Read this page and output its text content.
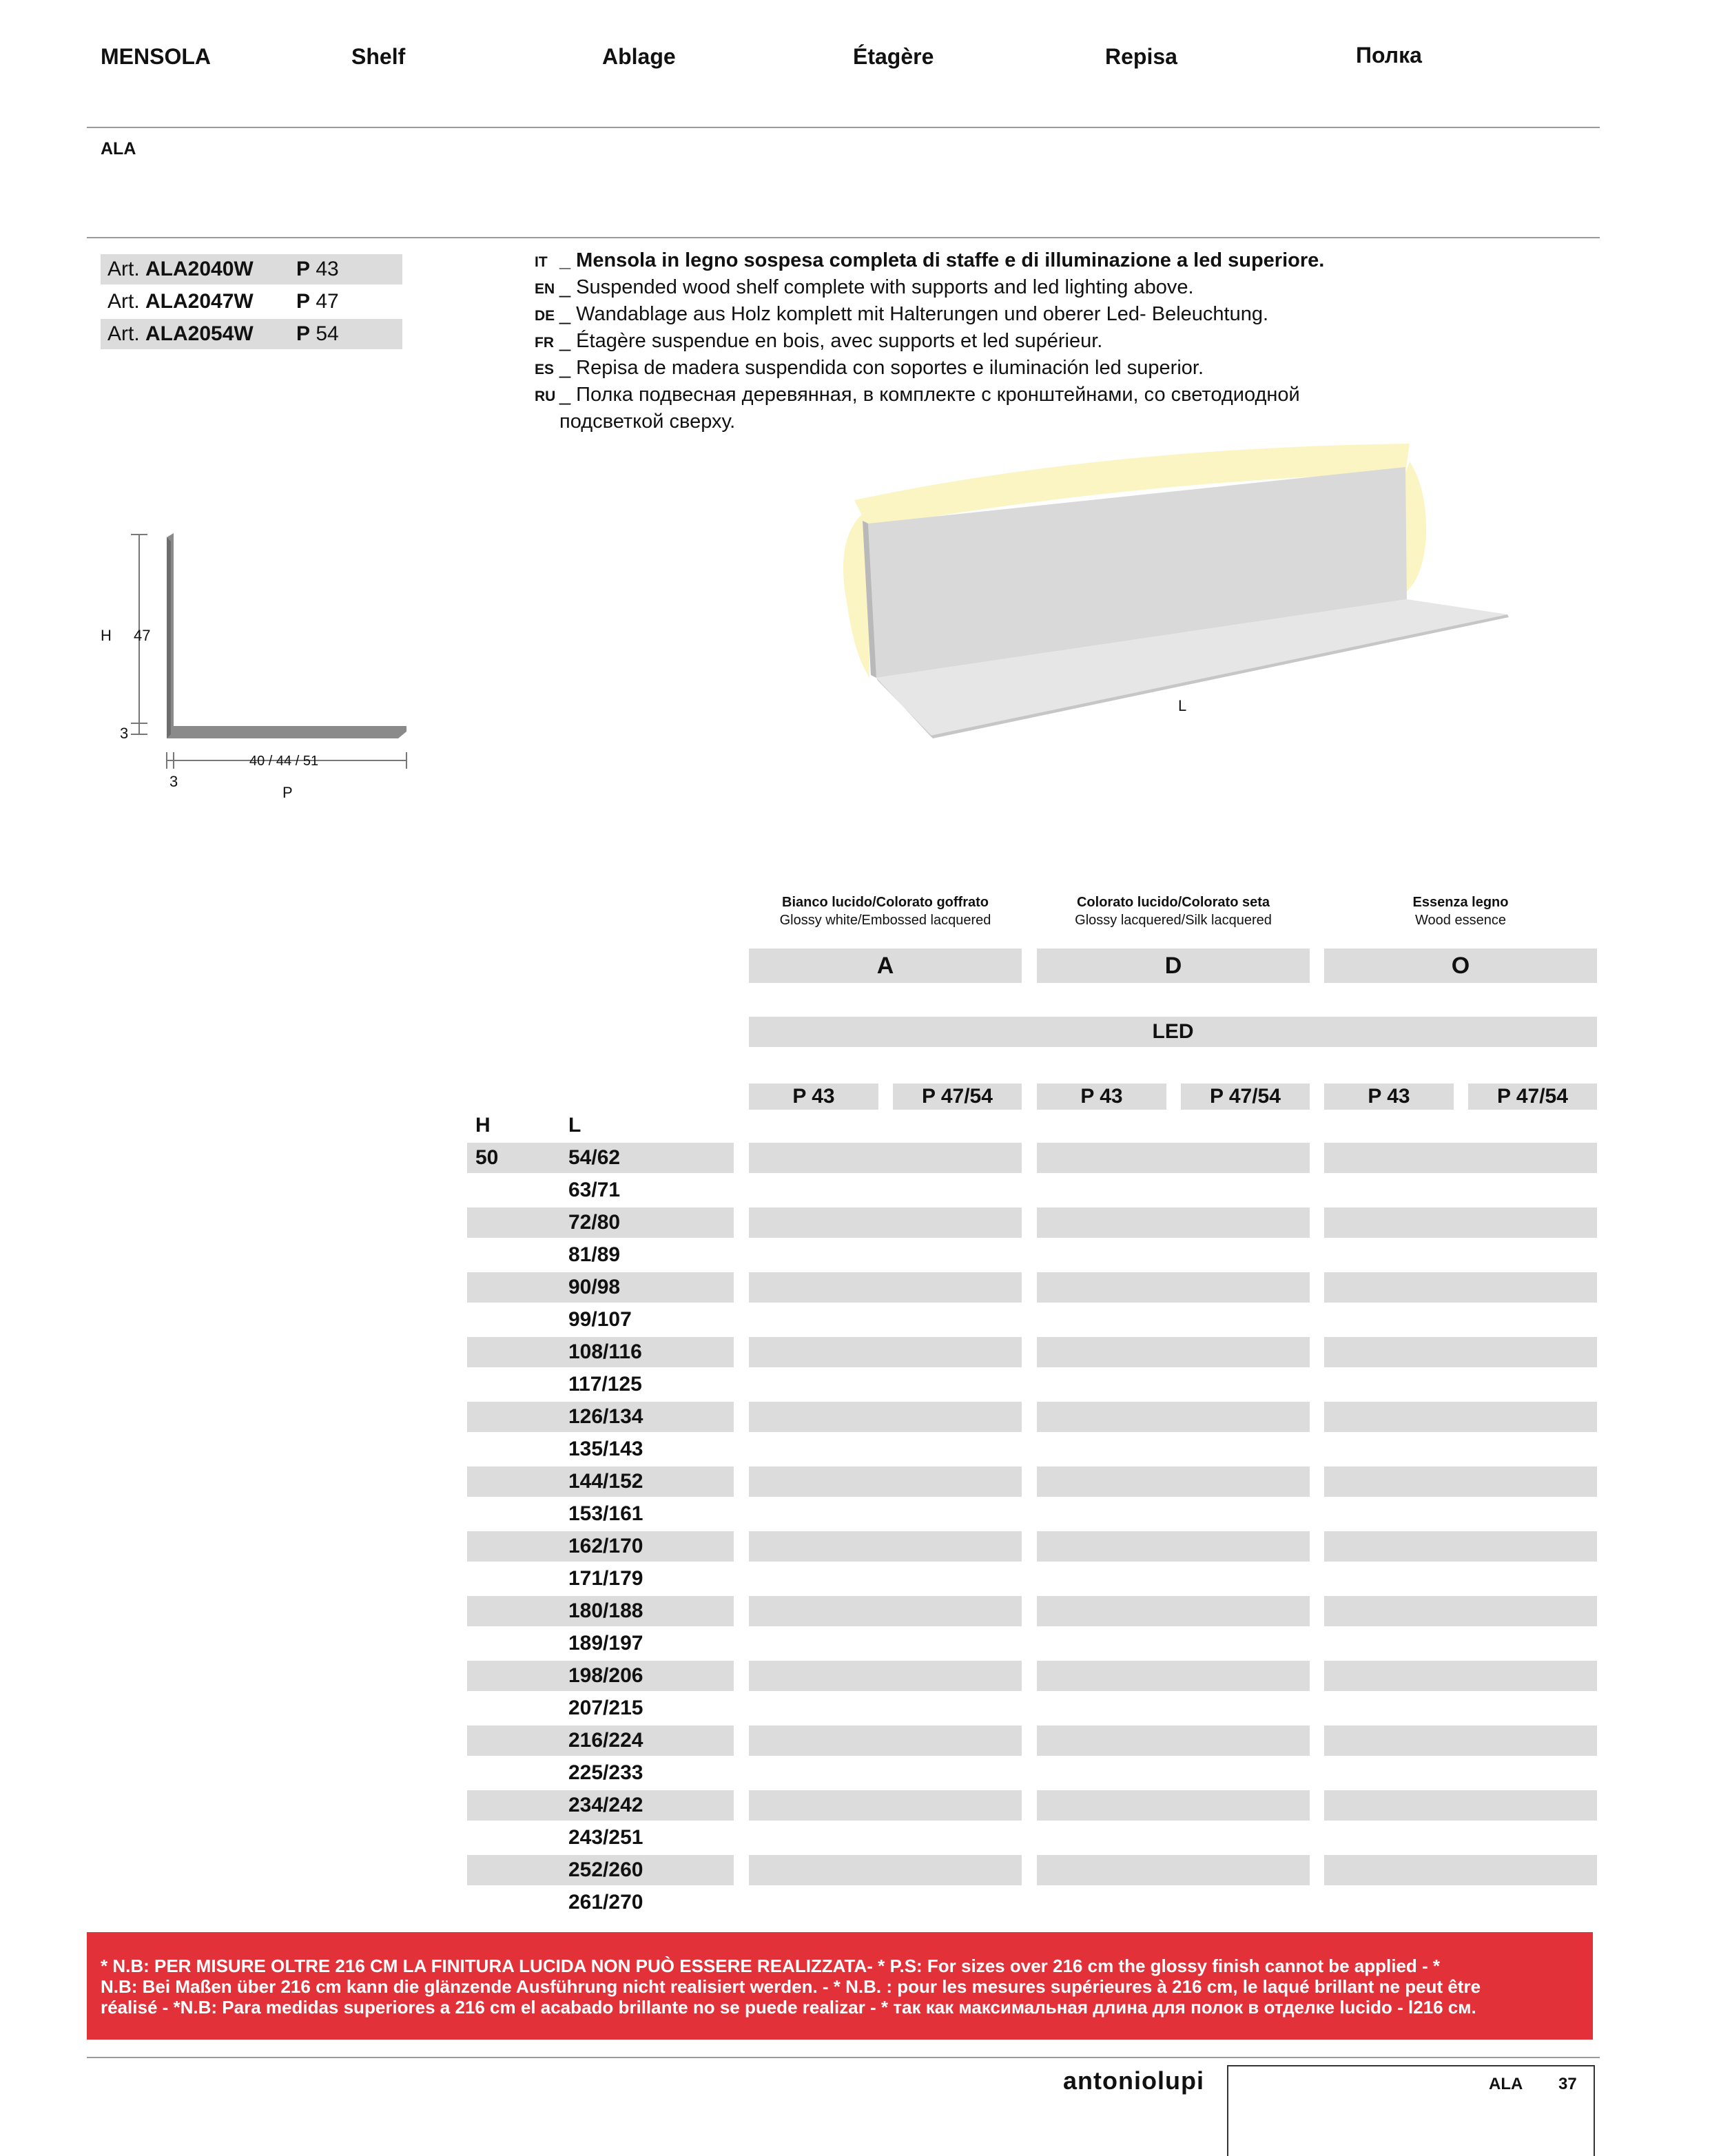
MENSOLA	Shelf	Ablage	Étagère	Repisa	Полка
ALA
Art. ALA2040W P 43
Art. ALA2047W P 47
Art. ALA2054W P 54
IT _ Mensola in legno sospesa completa di staffe e di illuminazione a led superiore.
EN _ Suspended wood shelf complete with supports and led lighting above.
DE _ Wandablage aus Holz komplett mit Halterungen und oberer Led- Beleuchtung.
FR _ Étagère suspendue en bois, avec supports et led supérieur.
ES _ Repisa de madera suspendida con soportes e iluminación led superior.
RU _ Полка подвесная деревянная, в комплекте с кронштейнами, со светодиодной
подсветкой сверху.
H 47
3
40 / 44 / 51
3
P
L
Bianco lucido/Colorato goffrato
Glossy white/Embossed lacquered
Colorato lucido/Colorato seta
Glossy lacquered/Silk lacquered
Essenza legno
Wood essence
A	D	O
LED
P 43	P 47/54	P 43	P 47/54	P 43	P 47/54
H	L
50	54/62
63/71
72/80
81/89
90/98
99/107
108/116
117/125
126/134
135/143
144/152
153/161
162/170
171/179
180/188
189/197
198/206
207/215
216/224
225/233
234/242
243/251
252/260
261/270
* N.B: PER MISURE OLTRE 216 CM LA FINITURA LUCIDA NON PUÒ ESSERE REALIZZATA- * P.S: For sizes over 216 cm the glossy finish cannot be applied - *
N.B: Bei Maßen über 216 cm kann die glänzende Ausführung nicht realisiert werden. - * N.B. : pour les mesures supérieures à 216 cm, le laqué brillant ne peut être
réalisé - *N.B: Para medidas superiores a 216 cm el acabado brillante no se puede realizar - * так как максимальная длина для полок в отделке lucido - l216 см.
antoniolupi	ALA 37
